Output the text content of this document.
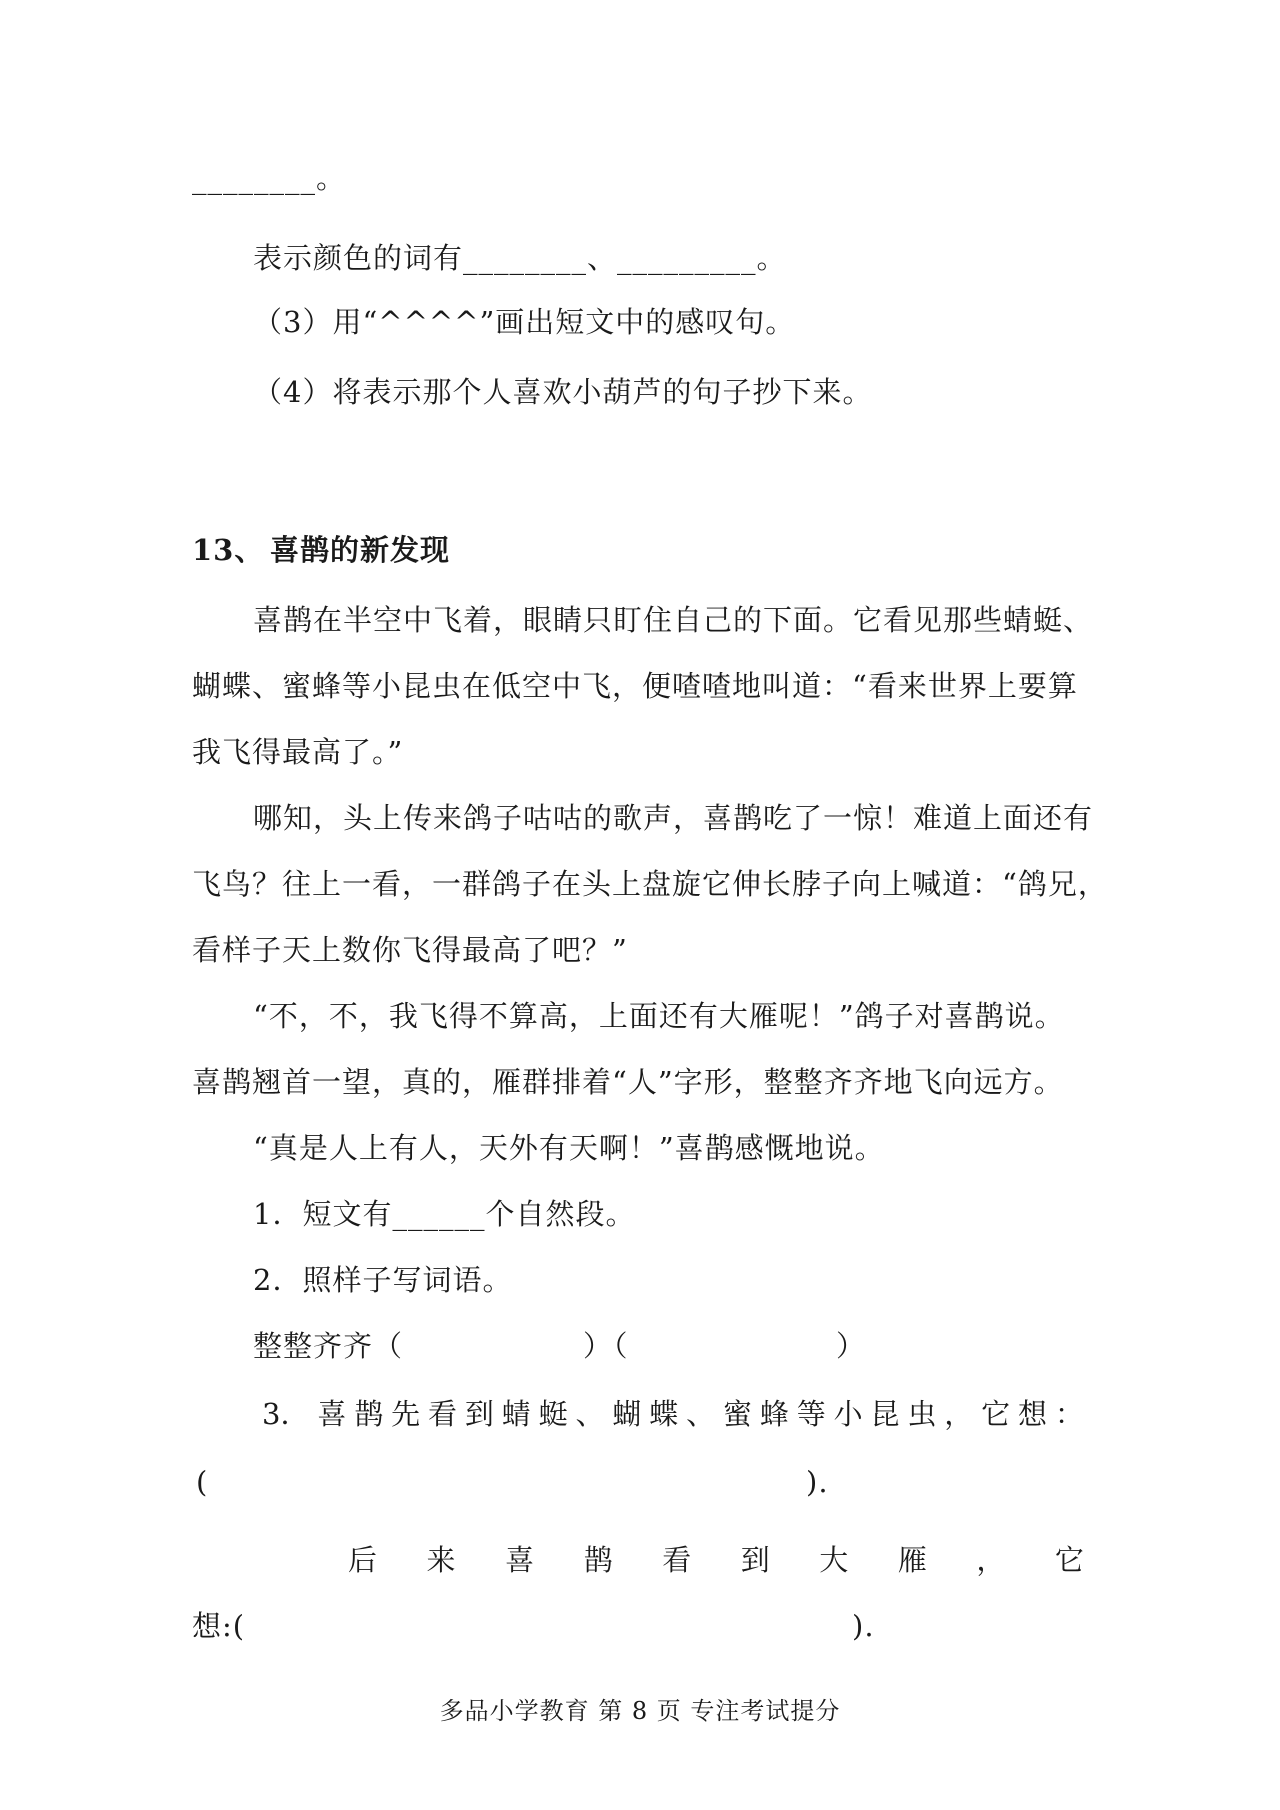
________。
表示颜色的词有________、_________。
（3）用“^^^^”画出短文中的感叹句。
（4）将表示那个人喜欢小葫芦的句子抄下来。
13、 喜鹊的新发现
喜鹊在半空中飞着，眼睛只盯住自己的下面。它看见那些蜻蜓、
蝴蝶、蜜蜂等小昆虫在低空中飞，便喳喳地叫道：“看来世界上要算
我飞得最高了。”
哪知，头上传来鸽子咕咕的歌声，喜鹊吃了一惊！难道上面还有
飞鸟？往上一看，一群鸽子在头上盘旋它伸长脖子向上喊道：“鸽兄，
看样子天上数你飞得最高了吧？”
“不，不，我飞得不算高，上面还有大雁呢！”鸽子对喜鹊说。
喜鹊翘首一望，真的，雁群排着“人”字形，整整齐齐地飞向远方。
“真是人上有人，天外有天啊！”喜鹊感慨地说。
1．短文有______个自然段。
2．照样子写词语。
整整齐齐（	）（	）
3． 喜 鹊 先 看 到 蜻 蜓 、 蝴 蝶 、 蜜 蜂 等 小 昆 虫 ， 它 想 ：
(	).
后 来 喜 鹊 看 到 大 雁 ， 它
想:(	).
多品小学教育 第 8 页 专注考试提分
